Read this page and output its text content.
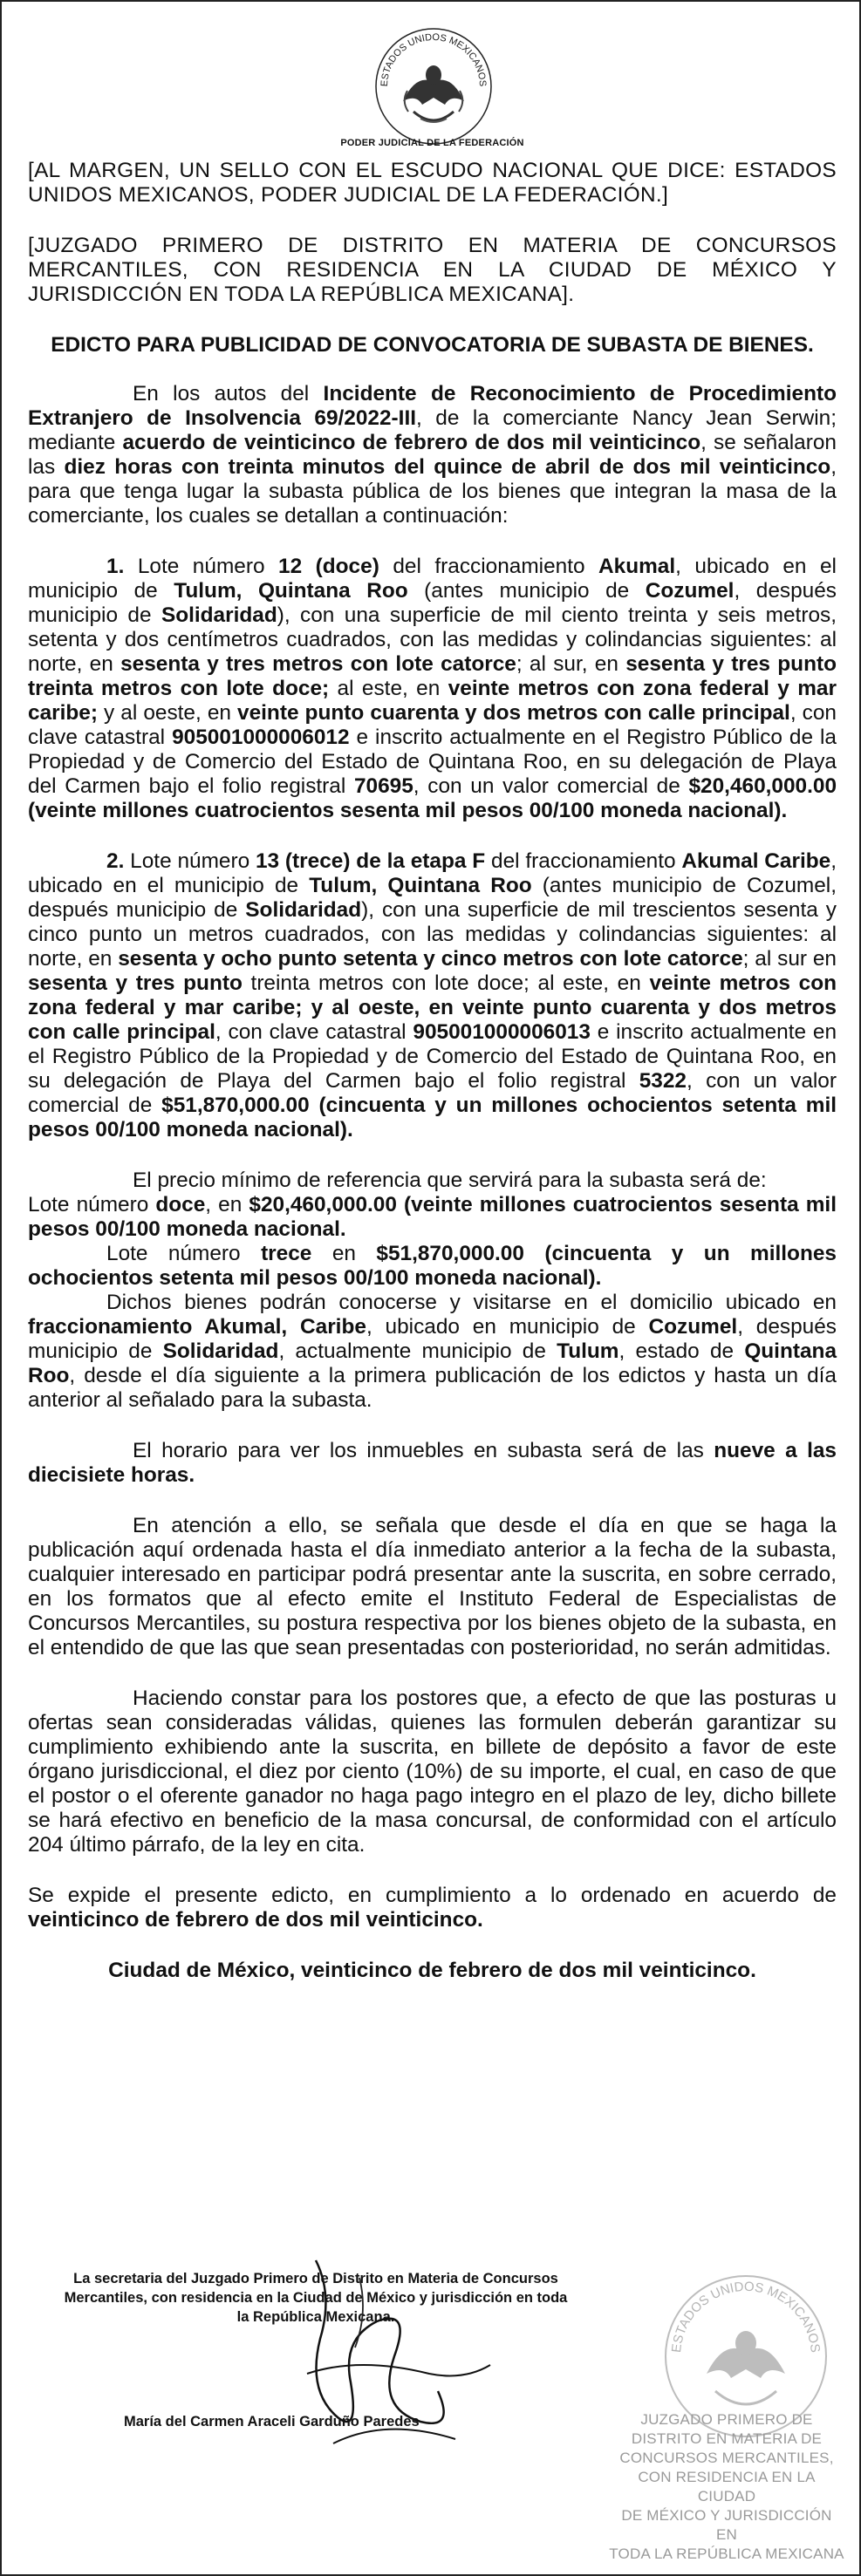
ESTADOS UNIDOS MEXICANOS
PODER JUDICIAL DE LA FEDERACIÓN

[AL MARGEN, UN SELLO CON EL ESCUDO NACIONAL QUE DICE: ESTADOS UNIDOS MEXICANOS, PODER JUDICIAL DE LA FEDERACIÓN.]

[JUZGADO PRIMERO DE DISTRITO EN MATERIA DE CONCURSOS MERCANTILES, CON RESIDENCIA EN LA CIUDAD DE MÉXICO Y JURISDICCIÓN EN TODA LA REPÚBLICA MEXICANA].

EDICTO PARA PUBLICIDAD DE CONVOCATORIA DE SUBASTA DE BIENES.

En los autos del Incidente de Reconocimiento de Procedimiento Extranjero de Insolvencia 69/2022-III, de la comerciante Nancy Jean Serwin; mediante acuerdo de veinticinco de febrero de dos mil veinticinco, se señalaron las diez horas con treinta minutos del quince de abril de dos mil veinticinco, para que tenga lugar la subasta pública de los bienes que integran la masa de la comerciante, los cuales se detallan a continuación:

1. Lote número 12 (doce) del fraccionamiento Akumal, ubicado en el municipio de Tulum, Quintana Roo (antes municipio de Cozumel, después municipio de Solidaridad), con una superficie de mil ciento treinta y seis metros, setenta y dos centímetros cuadrados, con las medidas y colindancias siguientes: al norte, en sesenta y tres metros con lote catorce; al sur, en sesenta y tres punto treinta metros con lote doce; al este, en veinte metros con zona federal y mar caribe; y al oeste, en veinte punto cuarenta y dos metros con calle principal, con clave catastral 905001000006012 e inscrito actualmente en el Registro Público de la Propiedad y de Comercio del Estado de Quintana Roo, en su delegación de Playa del Carmen bajo el folio registral 70695, con un valor comercial de $20,460,000.00 (veinte millones cuatrocientos sesenta mil pesos 00/100 moneda nacional).

2. Lote número 13 (trece) de la etapa F del fraccionamiento Akumal Caribe, ubicado en el municipio de Tulum, Quintana Roo (antes municipio de Cozumel, después municipio de Solidaridad), con una superficie de mil trescientos sesenta y cinco punto un metros cuadrados, con las medidas y colindancias siguientes: al norte, en sesenta y ocho punto setenta y cinco metros con lote catorce; al sur en sesenta y tres punto treinta metros con lote doce; al este, en veinte metros con zona federal y mar caribe; y al oeste, en veinte punto cuarenta y dos metros con calle principal, con clave catastral 905001000006013 e inscrito actualmente en el Registro Público de la Propiedad y de Comercio del Estado de Quintana Roo, en su delegación de Playa del Carmen bajo el folio registral 5322, con un valor comercial de $51,870,000.00 (cincuenta y un millones ochocientos setenta mil pesos 00/100 moneda nacional).

El precio mínimo de referencia que servirá para la subasta será de:

Lote número doce, en $20,460,000.00 (veinte millones cuatrocientos sesenta mil pesos 00/100 moneda nacional.

Lote número trece en $51,870,000.00 (cincuenta y un millones ochocientos setenta mil pesos 00/100 moneda nacional).

Dichos bienes podrán conocerse y visitarse en el domicilio ubicado en fraccionamiento Akumal, Caribe, ubicado en municipio de Cozumel, después municipio de Solidaridad, actualmente municipio de Tulum, estado de Quintana Roo, desde el día siguiente a la primera publicación de los edictos y hasta un día anterior al señalado para la subasta.

El horario para ver los inmuebles en subasta será de las nueve a las diecisiete horas.

En atención a ello, se señala que desde el día en que se haga la publicación aquí ordenada hasta el día inmediato anterior a la fecha de la subasta, cualquier interesado en participar podrá presentar ante la suscrita, en sobre cerrado, en los formatos que al efecto emite el Instituto Federal de Especialistas de Concursos Mercantiles, su postura respectiva por los bienes objeto de la subasta, en el entendido de que las que sean presentadas con posterioridad, no serán admitidas.

Haciendo constar para los postores que, a efecto de que las posturas u ofertas sean consideradas válidas, quienes las formulen deberán garantizar su cumplimiento exhibiendo ante la suscrita, en billete de depósito a favor de este órgano jurisdiccional, el diez por ciento (10%) de su importe, el cual, en caso de que el postor o el oferente ganador no haga pago integro en el plazo de ley, dicho billete se hará efectivo en beneficio de la masa concursal, de conformidad con el artículo 204 último párrafo, de la ley en cita.

Se expide el presente edicto, en cumplimiento a lo ordenado en acuerdo de veinticinco de febrero de dos mil veinticinco.

Ciudad de México, veinticinco de febrero de dos mil veinticinco.

La secretaria del Juzgado Primero de Distrito en Materia de Concursos
Mercantiles, con residencia en la Ciudad de México y jurisdicción en toda
la República Mexicana.
María del Carmen Araceli Garduño Paredes
ESTADOS UNIDOS MEXICANOS
JUZGADO PRIMERO DE
DISTRITO EN MATERIA DE
CONCURSOS MERCANTILES,
CON RESIDENCIA EN LA CIUDAD
DE MÉXICO Y JURISDICCIÓN EN
TODA LA REPÚBLICA MEXICANA
